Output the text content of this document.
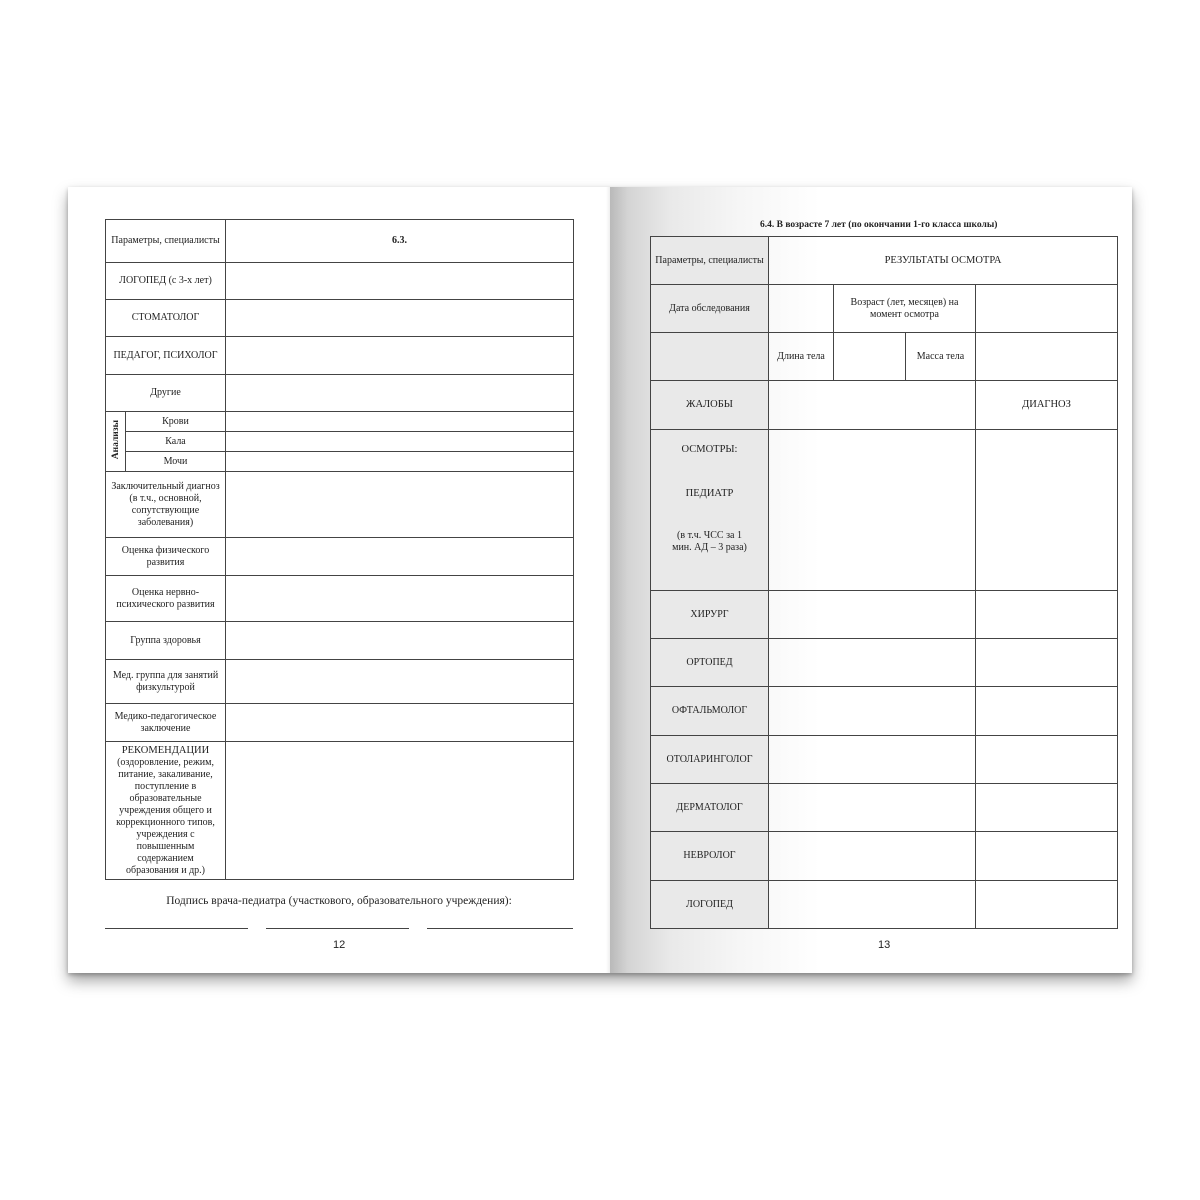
Параметры, специалисты		6.3.
ЛОГОПЕД (с 3-х лет)		
СТОМАТОЛОГ		
ПЕДАГОГ, ПСИХОЛОГ		
Другие		
Анализы	Крови	
	Кала	
	Мочи	
Заключительный диагноз (в т.ч., основной, сопутствующие заболевания)		
Оценка физического развития		
Оценка нервно-психического развития		
Группа здоровья		
Мед. группа для занятий физкультурой		
Медико-педагогическое заключение		

РЕКОМЕНДАЦИИ
(оздоровление, режим, питание, закаливание, поступление в образовательные учреждения общего и коррекционного типов, учреждения с повышенным содержанием образования и др.)		

Подпись врача-педиатра (участкового, образовательного учреждения):
12
6.4. В возрасте 7 лет (по окончании 1-го класса школы)
Параметры, специалисты	РЕЗУЛЬТАТЫ ОСМОТРА			
Дата обследования		Возраст (лет, месяцев) на момент осмотра		
	Длина тела		Масса тела	
ЖАЛОБЫ				ДИАГНОЗ

ОСМОТРЫ:
ПЕДИАТР
(в т.ч. ЧСС за 1 мин. АД – 3 раза)				

ХИРУРГ				
ОРТОПЕД				
ОФТАЛЬМОЛОГ				
ОТОЛАРИНГОЛОГ				
ДЕРМАТОЛОГ				
НЕВРОЛОГ				
ЛОГОПЕД				
13
